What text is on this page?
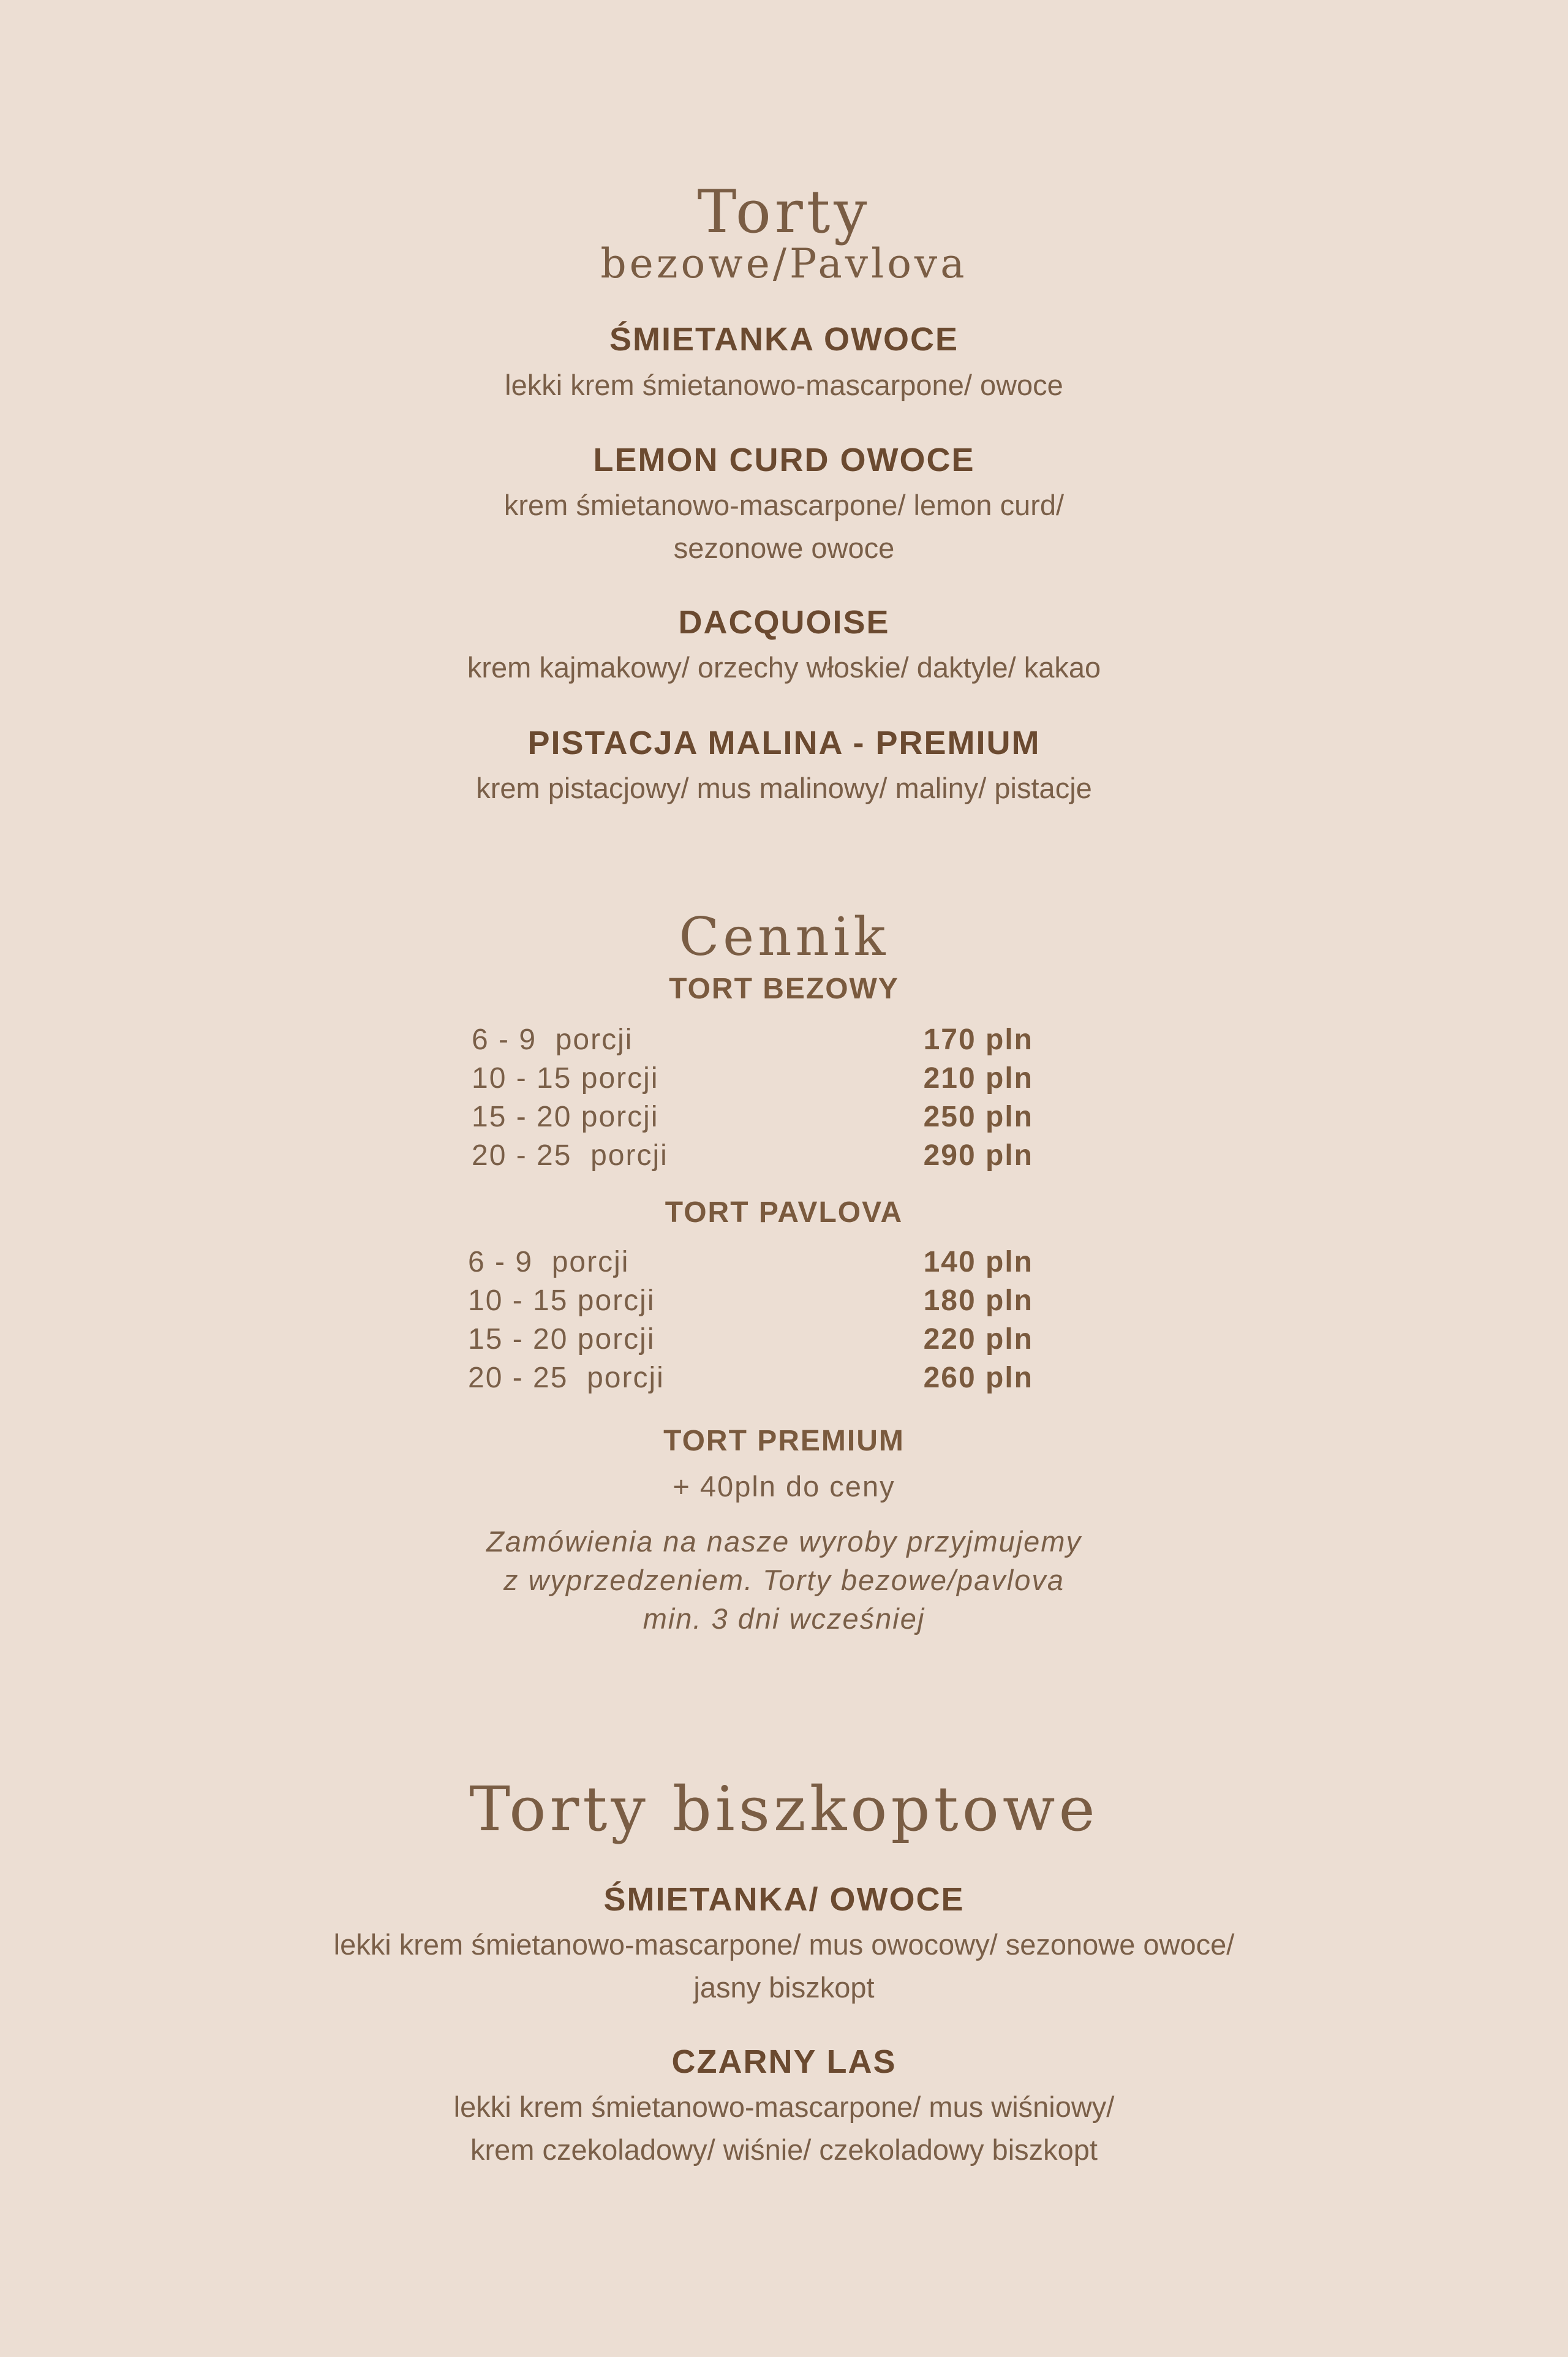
Torty
bezowe/Pavlova
ŚMIETANKA OWOCE
lekki krem śmietanowo-mascarpone/ owoce
LEMON CURD OWOCE
krem śmietanowo-mascarpone/ lemon curd/
sezonowe owoce
DACQUOISE
krem kajmakowy/ orzechy włoskie/ daktyle/ kakao
PISTACJA MALINA - PREMIUM
krem pistacjowy/ mus malinowy/ maliny/ pistacje
Cennik
TORT BEZOWY
6 - 9  porcji	170 pln
10 - 15 porcji	210 pln
15 - 20 porcji	250 pln
20 - 25  porcji	290 pln
TORT PAVLOVA
6 - 9  porcji	140 pln
10 - 15 porcji	180 pln
15 - 20 porcji	220 pln
20 - 25  porcji	260 pln
TORT PREMIUM
+ 40pln do ceny
Zamówienia na nasze wyroby przyjmujemy
z wyprzedzeniem. Torty bezowe/pavlova
min. 3 dni wcześniej
Torty biszkoptowe
ŚMIETANKA/ OWOCE
lekki krem śmietanowo-mascarpone/ mus owocowy/ sezonowe owoce/
jasny biszkopt
CZARNY LAS
lekki krem śmietanowo-mascarpone/ mus wiśniowy/
krem czekoladowy/ wiśnie/ czekoladowy biszkopt
